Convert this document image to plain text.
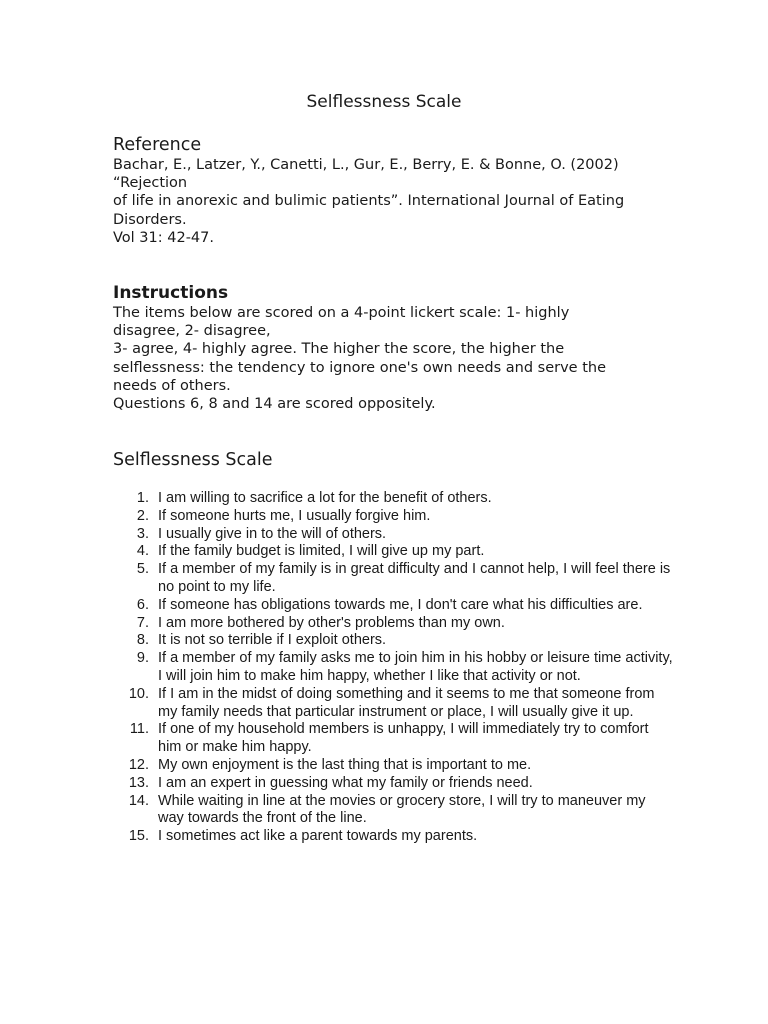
Selflessness Scale
Reference
Bachar, E., Latzer, Y., Canetti, L., Gur, E., Berry, E. & Bonne, O. (2002)
“Rejection
of life in anorexic and bulimic patients”. International Journal of Eating
Disorders.
Vol 31: 42-47.
Instructions
The items below are scored on a 4-point lickert scale: 1- highly
disagree, 2- disagree,
3- agree, 4- highly agree. The higher the score, the higher the
selflessness: the tendency to ignore one's own needs and serve the
needs of others.
Questions 6, 8 and 14 are scored oppositely.
Selflessness Scale
1. I am willing to sacrifice a lot for the benefit of others.
2. If someone hurts me, I usually forgive him.
3. I usually give in to the will of others.
4. If the family budget is limited, I will give up my part.
5. If a member of my family is in great difficulty and I cannot help, I will feel there is no point to my life.
6. If someone has obligations towards me, I don't care what his difficulties are.
7. I am more bothered by other's problems than my own.
8. It is not so terrible if I exploit others.
9. If a member of my family asks me to join him in his hobby or leisure time activity, I will join him to make him happy, whether I like that activity or not.
10. If I am in the midst of doing something and it seems to me that someone from my family needs that particular instrument or place, I will usually give it up.
11. If one of my household members is unhappy, I will immediately try to comfort him or make him happy.
12. My own enjoyment is the last thing that is important to me.
13. I am an expert in guessing what my family or friends need.
14. While waiting in line at the movies or grocery store, I will try to maneuver my way towards the front of the line.
15. I sometimes act like a parent towards my parents.
